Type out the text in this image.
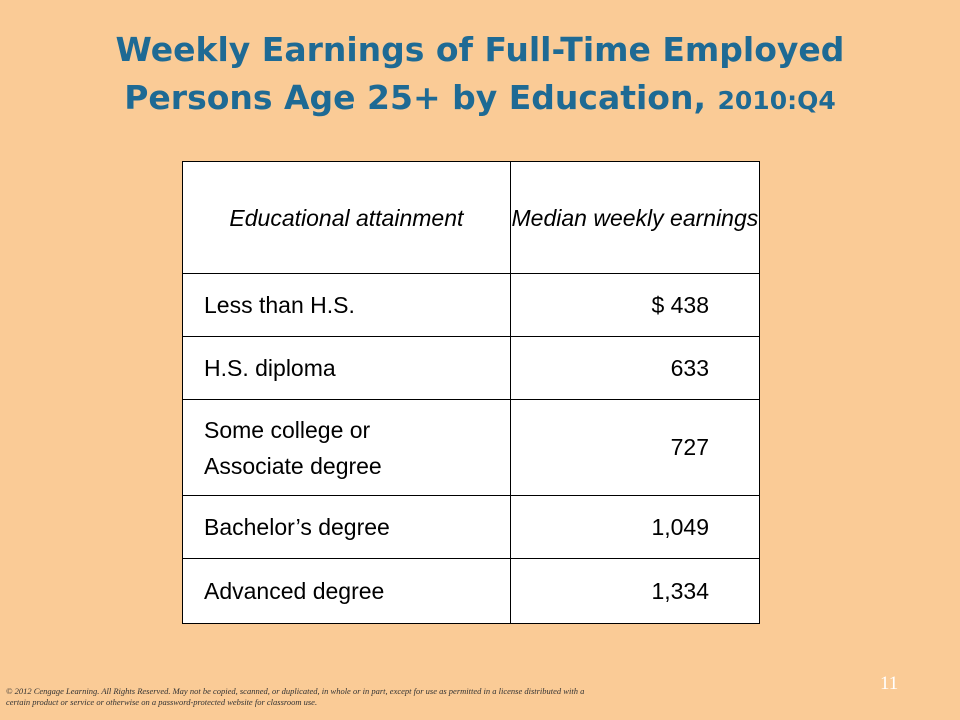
Weekly Earnings of Full-Time Employed
Persons Age 25+ by Education, 2010:Q4
Educational attainment	Median weekly earnings
Less than H.S.	$ 438
H.S. diploma	633
Some college or Associate degree	727
Bachelor’s degree	1,049
Advanced degree	1,334
11
© 2012 Cengage Learning. All Rights Reserved. May not be copied, scanned, or duplicated, in whole or in part, except for use as permitted in a license distributed with a certain product or service or otherwise on a password-protected website for classroom use.
